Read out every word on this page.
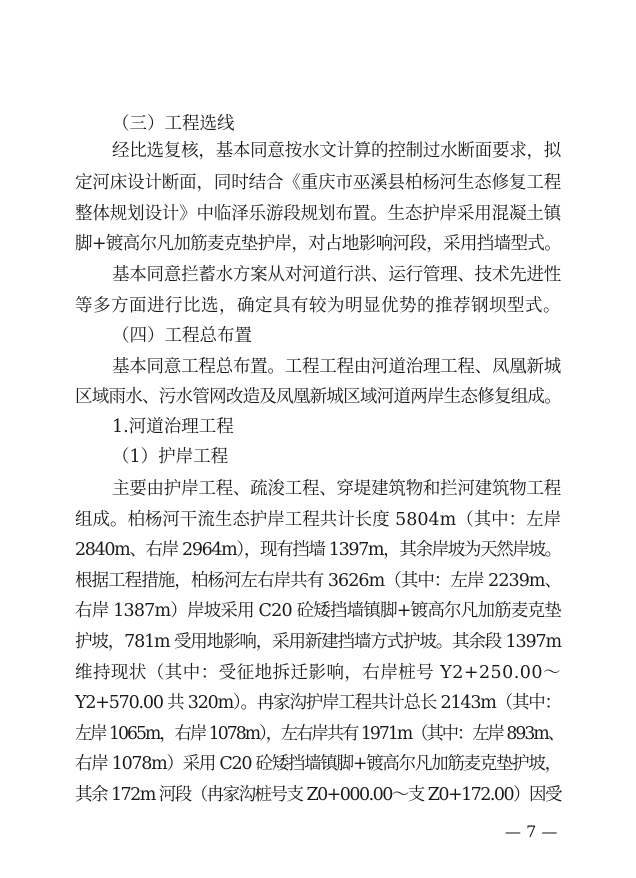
（三）工程选线
经比选复核，基本同意按水文计算的控制过水断面要求，拟
定河床设计断面，同时结合《重庆市巫溪县柏杨河生态修复工程
整体规划设计》中临泽乐游段规划布置。生态护岸采用混凝土镇
脚+镀高尔凡加筋麦克垫护岸，对占地影响河段，采用挡墙型式。
基本同意拦蓄水方案从对河道行洪、运行管理、技术先进性
等多方面进行比选，确定具有较为明显优势的推荐钢坝型式。
（四）工程总布置
基本同意工程总布置。工程工程由河道治理工程、凤凰新城
区域雨水、污水管网改造及凤凰新城区域河道两岸生态修复组成。
1.河道治理工程
（1）护岸工程
主要由护岸工程、疏浚工程、穿堤建筑物和拦河建筑物工程
组成。柏杨河干流生态护岸工程共计长度 5804m（其中：左岸
2840m、右岸 2964m），现有挡墙 1397m，其余岸坡为天然岸坡。
根据工程措施，柏杨河左右岸共有 3626m（其中：左岸 2239m、
右岸 1387m）岸坡采用 C20 砼矮挡墙镇脚+镀高尔凡加筋麦克垫
护坡，781m 受用地影响，采用新建挡墙方式护坡。其余段 1397m
维持现状（其中：受征地拆迁影响，右岸桩号 Y2+250.00～
Y2+570.00 共 320m）。冉家沟护岸工程共计总长 2143m（其中：
左岸 1065m，右岸 1078m），左右岸共有 1971m（其中：左岸 893m、
右岸 1078m）采用 C20 砼矮挡墙镇脚+镀高尔凡加筋麦克垫护坡，
其余 172m 河段（冉家沟桩号支 Z0+000.00～支 Z0+172.00）因受
— 7 —
